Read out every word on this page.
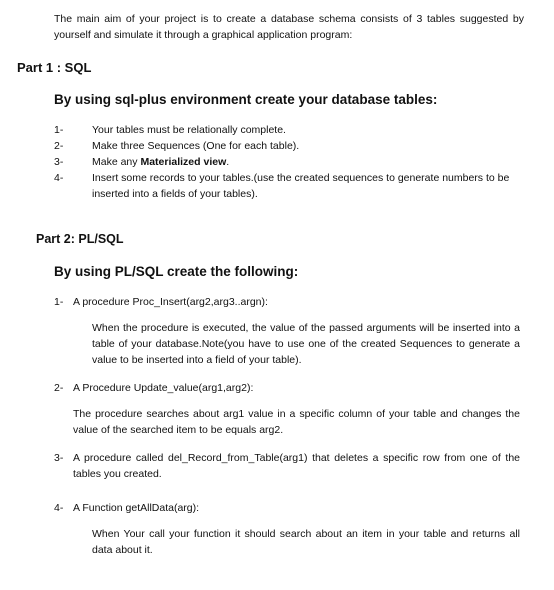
The main aim of your project is to create a database schema consists of 3 tables suggested by yourself and simulate it through a graphical application program:
Part 1 : SQL
By using sql-plus environment create your database tables:
1-	Your tables must be relationally complete.
2-	Make three Sequences (One for each table).
3-	Make any Materialized view.
4-	Insert some records to your tables.(use the created sequences to generate numbers to be inserted into a fields of your tables).
Part 2: PL/SQL
By using PL/SQL create the following:
1- A procedure Proc_Insert(arg2,arg3..argn):
When the procedure is executed, the value of the passed arguments will be inserted into a table of your database.Note(you have to use one of the created Sequences to generate a value to be inserted into a field of your table).
2- A Procedure Update_value(arg1,arg2):
The procedure searches about arg1 value in a specific column of your table and changes the value of the searched item to be equals arg2.
3- A procedure called del_Record_from_Table(arg1) that deletes a specific row from one of the tables you created.
4- A Function getAllData(arg):
When Your call your function it should search about an item in your table and returns all data about it.
